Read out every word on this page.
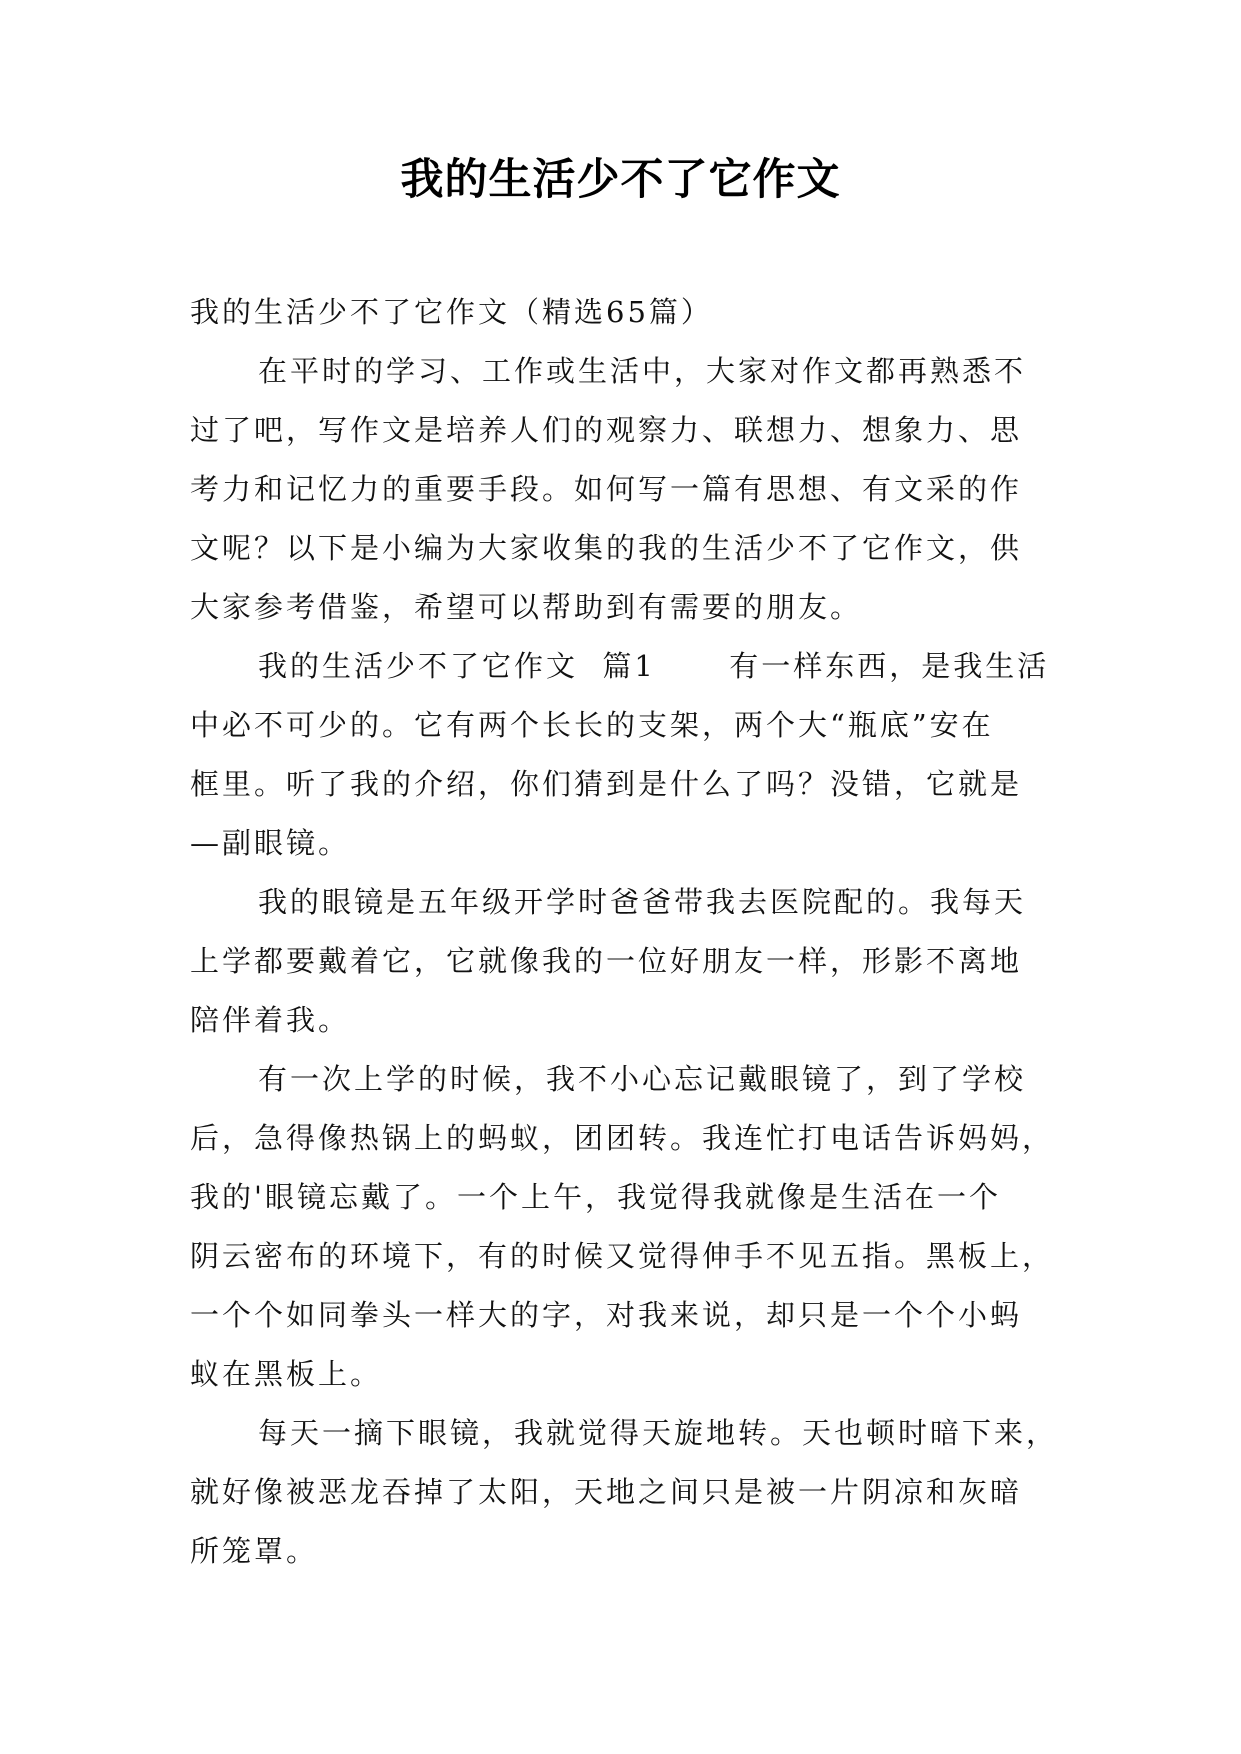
我的生活少不了它作文
我的生活少不了它作文（精选65篇）
在平时的学习、工作或生活中，大家对作文都再熟悉不
过了吧，写作文是培养人们的观察力、联想力、想象力、思
考力和记忆力的重要手段。如何写一篇有思想、有文采的作
文呢？以下是小编为大家收集的我的生活少不了它作文，供
大家参考借鉴，希望可以帮助到有需要的朋友。
我的生活少不了它作文  篇1      有一样东西，是我生活
中必不可少的。它有两个长长的支架，两个大“瓶底”安在
框里。听了我的介绍，你们猜到是什么了吗？没错，它就是
—副眼镜。
我的眼镜是五年级开学时爸爸带我去医院配的。我每天
上学都要戴着它，它就像我的一位好朋友一样，形影不离地
陪伴着我。
有一次上学的时候，我不小心忘记戴眼镜了，到了学校
后，急得像热锅上的蚂蚁，团团转。我连忙打电话告诉妈妈，
我的'眼镜忘戴了。一个上午，我觉得我就像是生活在一个
阴云密布的环境下，有的时候又觉得伸手不见五指。黑板上，
一个个如同拳头一样大的字，对我来说，却只是一个个小蚂
蚁在黑板上。
每天一摘下眼镜，我就觉得天旋地转。天也顿时暗下来，
就好像被恶龙吞掉了太阳，天地之间只是被一片阴凉和灰暗
所笼罩。
